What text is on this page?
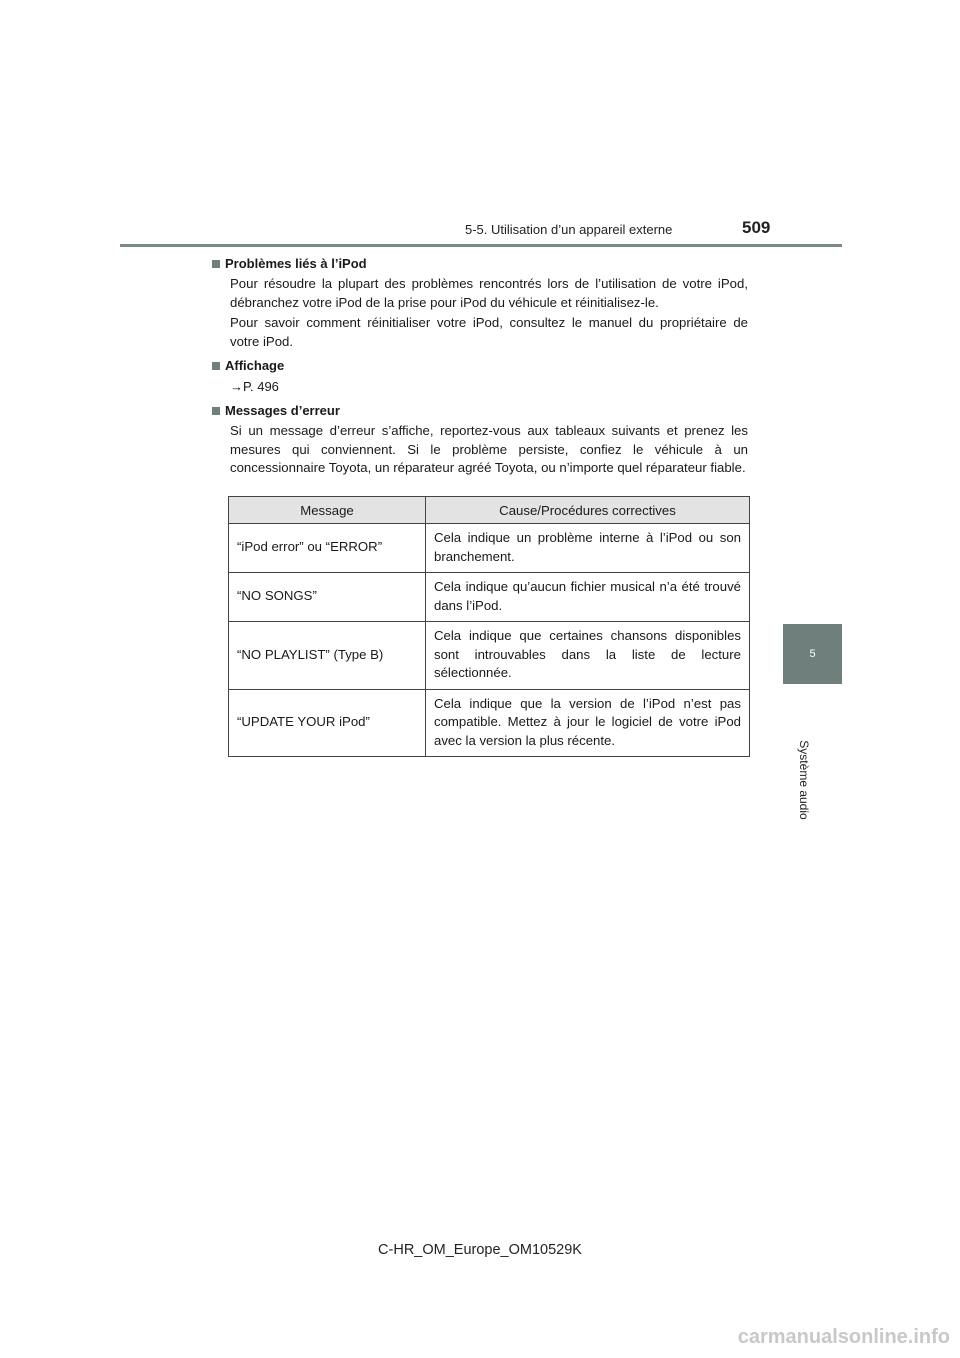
5-5. Utilisation d’un appareil externe	509
5
Système audio
Problèmes liés à l’iPod
Pour résoudre la plupart des problèmes rencontrés lors de l’utilisation de votre iPod, débranchez votre iPod de la prise pour iPod du véhicule et réinitialisez-le.
Pour savoir comment réinitialiser votre iPod, consultez le manuel du propriétaire de votre iPod.
Affichage
→P. 496
Messages d’erreur
Si un message d’erreur s’affiche, reportez-vous aux tableaux suivants et prenez les mesures qui conviennent. Si le problème persiste, confiez le véhicule à un concessionnaire Toyota, un réparateur agréé Toyota, ou n’importe quel réparateur fiable.
Message	Cause/Procédures correctives
“iPod error” ou “ERROR”	Cela indique un problème interne à l’iPod ou son branchement.
“NO SONGS”	Cela indique qu’aucun fichier musical n’a été trouvé dans l’iPod.
“NO PLAYLIST” (Type B)	Cela indique que certaines chansons disponibles sont introuvables dans la liste de lecture sélectionnée.
“UPDATE YOUR iPod”	Cela indique que la version de l’iPod n’est pas compatible. Mettez à jour le logiciel de votre iPod avec la version la plus récente.
C-HR_OM_Europe_OM10529K
carmanualsonline.info
